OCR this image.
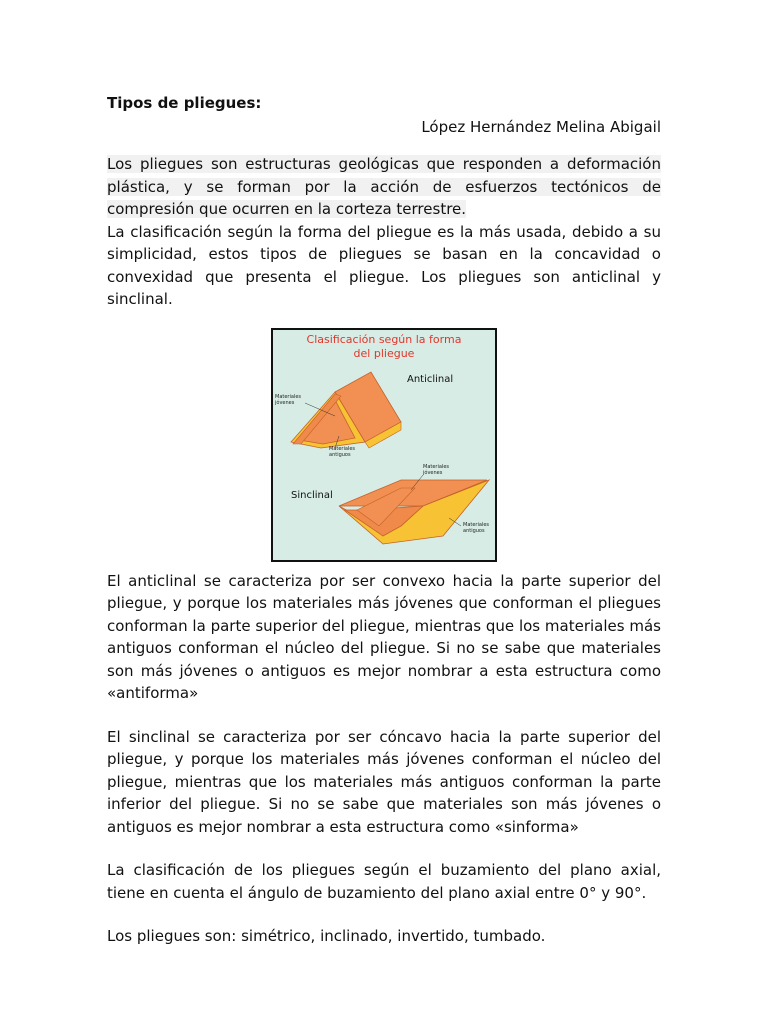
Tipos de pliegues:

López Hernández Melina Abigail

Los pliegues son estructuras geológicas que responden a deformación plástica, y se forman por la acción de esfuerzos tectónicos de compresión que ocurren en la corteza terrestre.

La clasificación según la forma del pliegue es la más usada, debido a su simplicidad, estos tipos de pliegues se basan en la concavidad o convexidad que presenta el pliegue. Los pliegues son anticlinal y sinclinal.

Clasificación según la forma
del pliegue
Anticlinal
Sinclinal
Materiales
jóvenes
Materiales
antiguos
Materiales
jóvenes
Materiales
antiguos

El anticlinal se caracteriza por ser convexo hacia la parte superior del pliegue, y porque los materiales más jóvenes que conforman el pliegues conforman la parte superior del pliegue, mientras que los materiales más antiguos conforman el núcleo del pliegue. Si no se sabe que materiales son más jóvenes o antiguos es mejor nombrar a esta estructura como «antiforma»

El sinclinal se caracteriza por ser cóncavo hacia la parte superior del pliegue, y porque los materiales más jóvenes conforman el núcleo del pliegue, mientras que los materiales más antiguos conforman la parte inferior del pliegue. Si no se sabe que materiales son más jóvenes o antiguos es mejor nombrar a esta estructura como «sinforma»

La clasificación de los pliegues según el buzamiento del plano axial, tiene en cuenta el ángulo de buzamiento del plano axial entre 0° y 90°.

Los pliegues son: simétrico, inclinado, invertido, tumbado.
